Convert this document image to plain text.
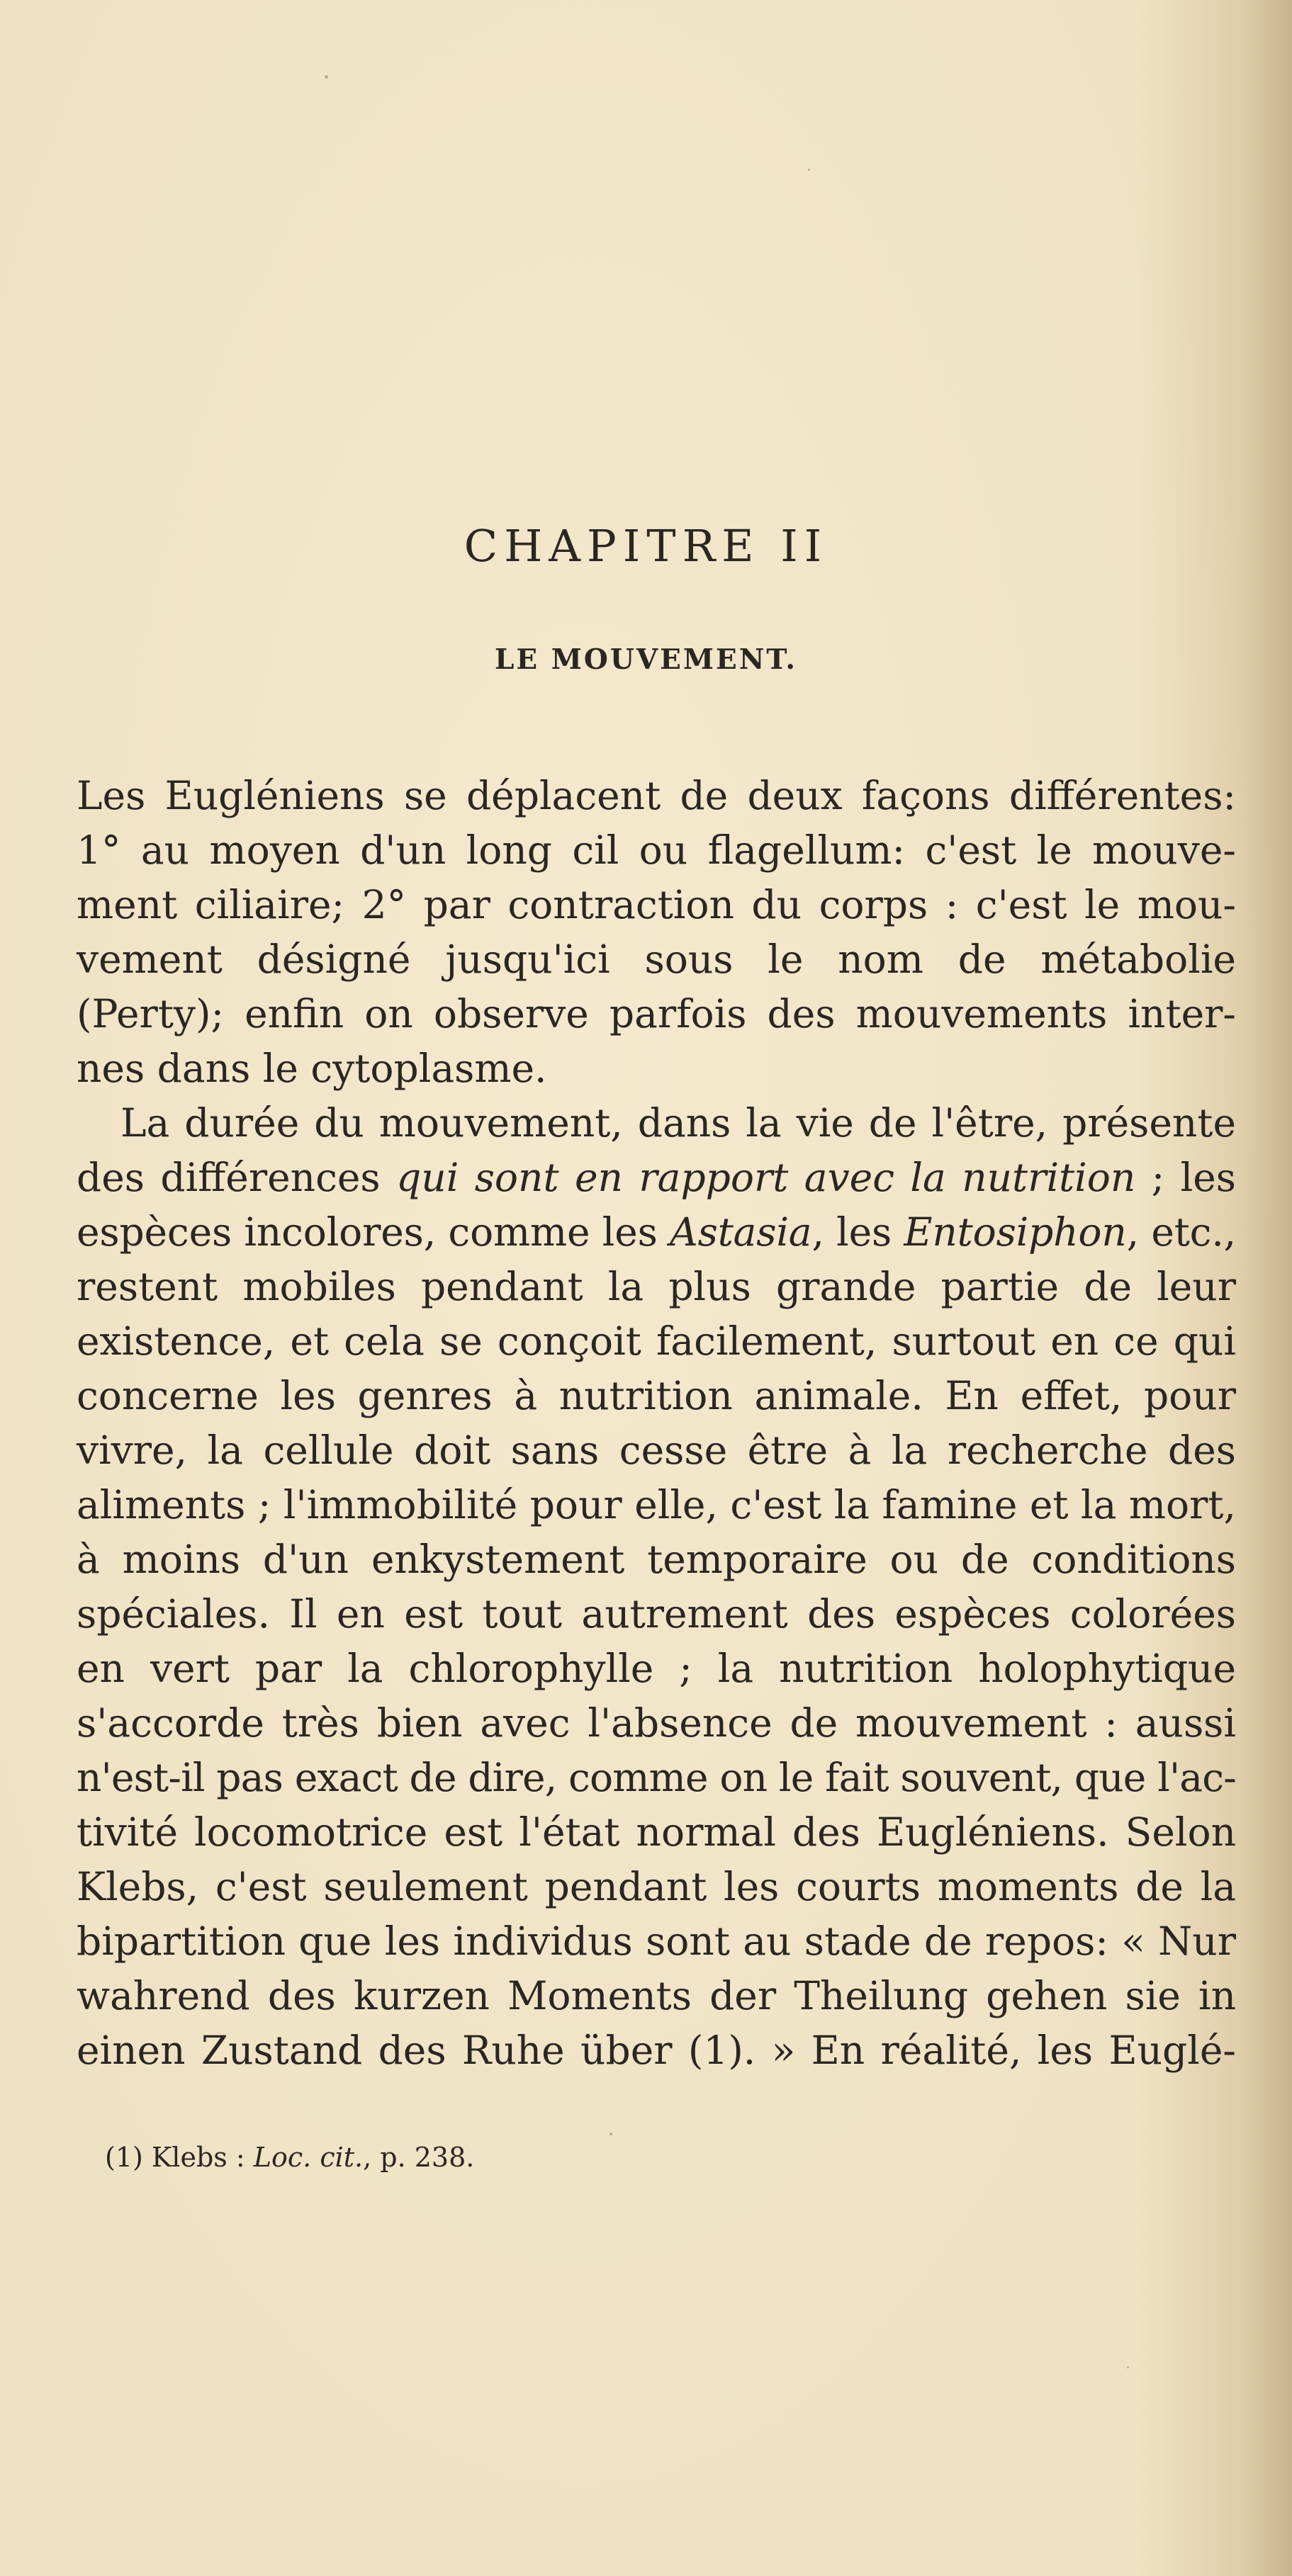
CHAPITRE II
LE MOUVEMENT.
Les Eugléniens se déplacent de deux façons différentes:
1° au moyen d'un long cil ou flagellum: c'est le mouve-
ment ciliaire; 2° par contraction du corps : c'est le mou-
vement désigné jusqu'ici sous le nom de métabolie
(Perty); enfin on observe parfois des mouvements inter-
nes dans le cytoplasme.
La durée du mouvement, dans la vie de l'être, présente
des différences qui sont en rapport avec la nutrition ; les
espèces incolores, comme les Astasia, les Entosiphon, etc.,
restent mobiles pendant la plus grande partie de leur
existence, et cela se conçoit facilement, surtout en ce qui
concerne les genres à nutrition animale. En effet, pour
vivre, la cellule doit sans cesse être à la recherche des
aliments ; l'immobilité pour elle, c'est la famine et la mort,
à moins d'un enkystement temporaire ou de conditions
spéciales. Il en est tout autrement des espèces colorées
en vert par la chlorophylle ; la nutrition holophytique
s'accorde très bien avec l'absence de mouvement : aussi
n'est-il pas exact de dire, comme on le fait souvent, que l'ac-
tivité locomotrice est l'état normal des Eugléniens. Selon
Klebs, c'est seulement pendant les courts moments de la
bipartition que les individus sont au stade de repos: « Nur
wahrend des kurzen Moments der Theilung gehen sie in
einen Zustand des Ruhe über (1). » En réalité, les Euglé-
(1) Klebs : Loc. cit., p. 238.
